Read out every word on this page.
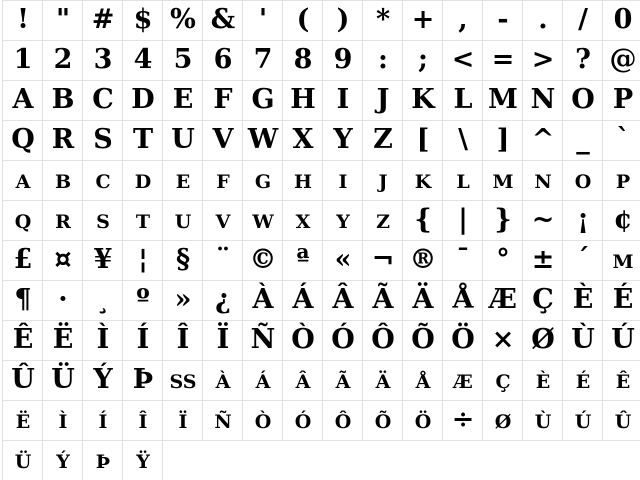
!	" # $ % & '	(	) * + ,	-	.	/ 0
1 2 3 4 5 6 7 8 9 :	; < = > ? @
A B C D E F G H I	J K L M N O P
Q R S T U V W X Y Z [	\	] ^ _ `
a b c d e f g h i	j	k l m n o p
q r s t u v w x y z { | } ~ ¡ ¢
£ ¤ ¥ ¦	§ ¨ © ª « ¬ ® ¯ ° ± ´ µ
¶ ·	¸ º » ¿ À Á Â Ã Ä Å Æ Ç È É
Ê Ë Ì	Í	Î	Ï Ñ Ò Ó Ô Õ Ö × Ø Ù Ú
Û Ü Ý Þ ß à á â ã ä å æ ç è é ê
ë	ì	í	î	ï ñ ò ó ô õ ö ÷ ø ù ú û
ü ý þ ÿ
